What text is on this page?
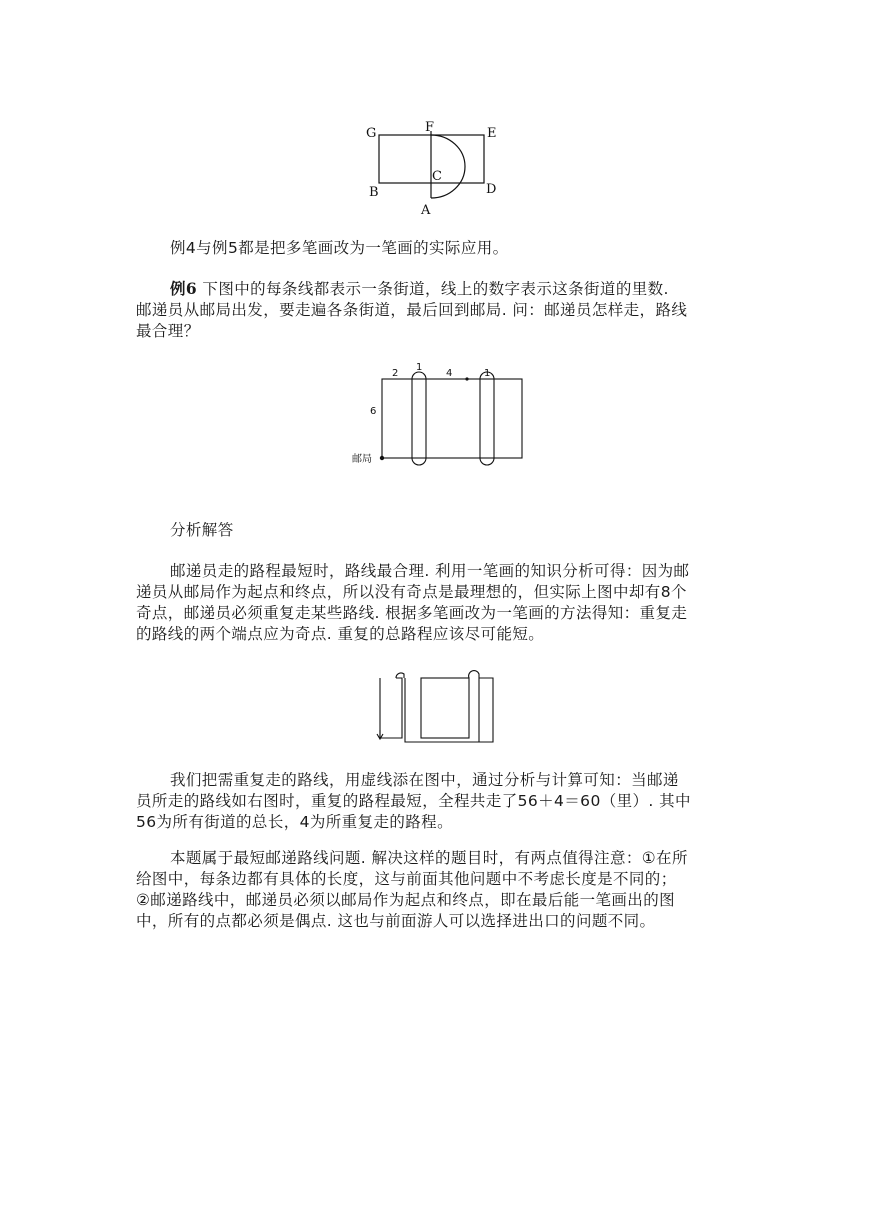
G	F	E
B
C
D
A

例4与例5都是把多笔画改为一笔画的实际应用。

例6 下图中的每条线都表示一条街道，线上的数字表示这条街道的里数.
邮递员从邮局出发，要走遍各条街道，最后回到邮局. 问：邮递员怎样走，路线
最合理？

2
1
4	1
6
邮局

分析解答

邮递员走的路程最短时，路线最合理. 利用一笔画的知识分析可得：因为邮
递员从邮局作为起点和终点，所以没有奇点是最理想的，但实际上图中却有8个
奇点，邮递员必须重复走某些路线. 根据多笔画改为一笔画的方法得知：重复走
的路线的两个端点应为奇点. 重复的总路程应该尽可能短。

我们把需重复走的路线，用虚线添在图中，通过分析与计算可知：当邮递
员所走的路线如右图时，重复的路程最短，全程共走了56＋4＝60（里）. 其中
56为所有街道的总长，4为所重复走的路程。

本题属于最短邮递路线问题. 解决这样的题目时，有两点值得注意：①在所
给图中，每条边都有具体的长度，这与前面其他问题中不考虑长度是不同的；
②邮递路线中，邮递员必须以邮局作为起点和终点，即在最后能一笔画出的图
中，所有的点都必须是偶点. 这也与前面游人可以选择进出口的问题不同。
